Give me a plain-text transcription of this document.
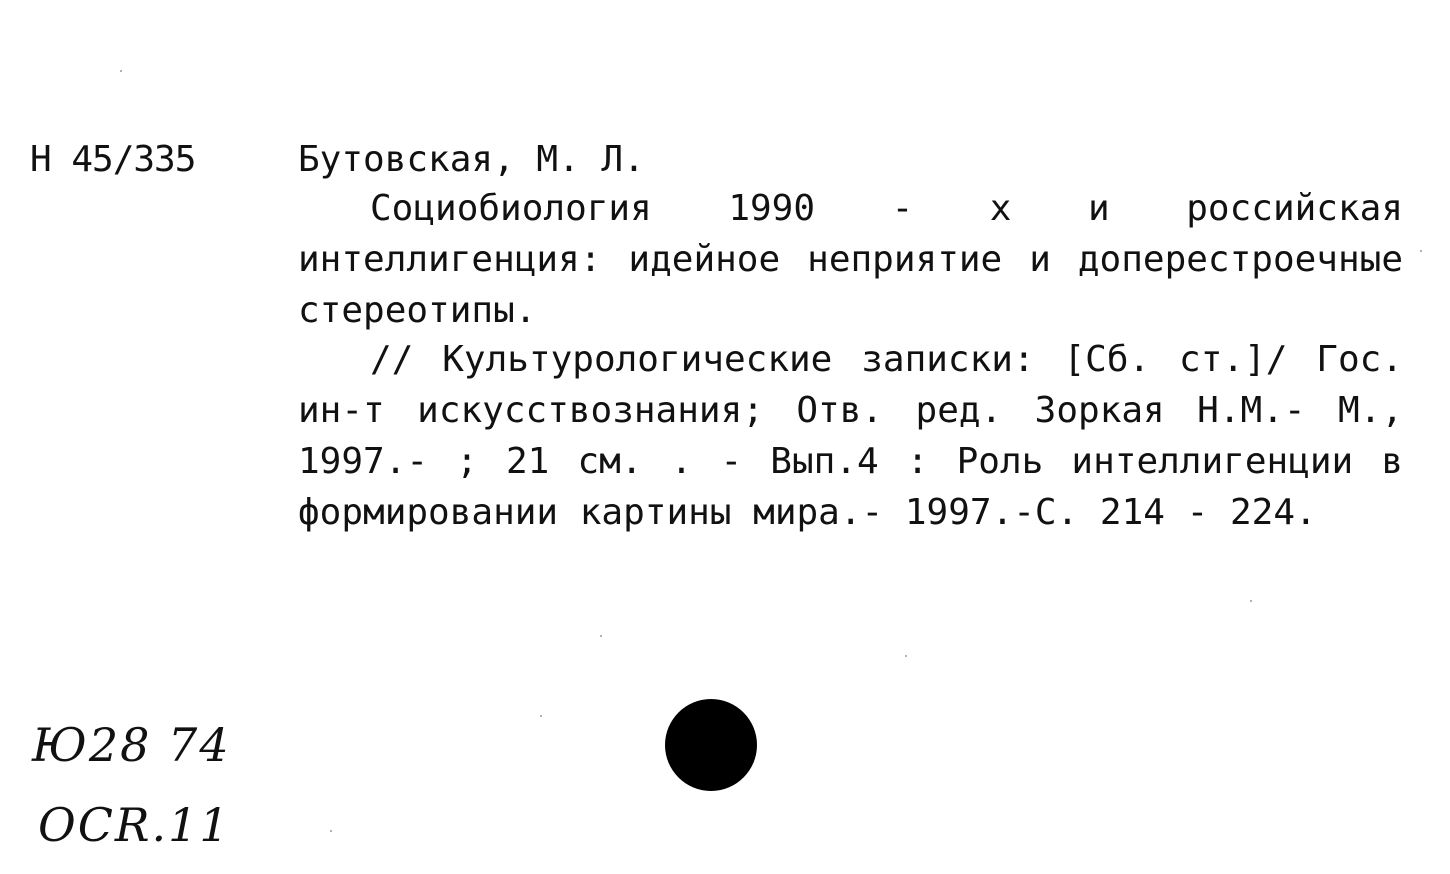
Н 45/335	Бутовская, М. Л.
Социобиология 1990 - х и российская интеллигенция: идейное неприятие и доперестроечные стереотипы.
// Культурологические записки: [Сб. ст.]/ Гос. ин-т искусствознания; Отв. ред. Зоркая Н.М.- М., 1997.- ; 21 см. . - Вып.4 : Роль интеллигенции в формировании картины мира.- 1997.-С. 214 - 224.
Ю28 74
OCR.11
